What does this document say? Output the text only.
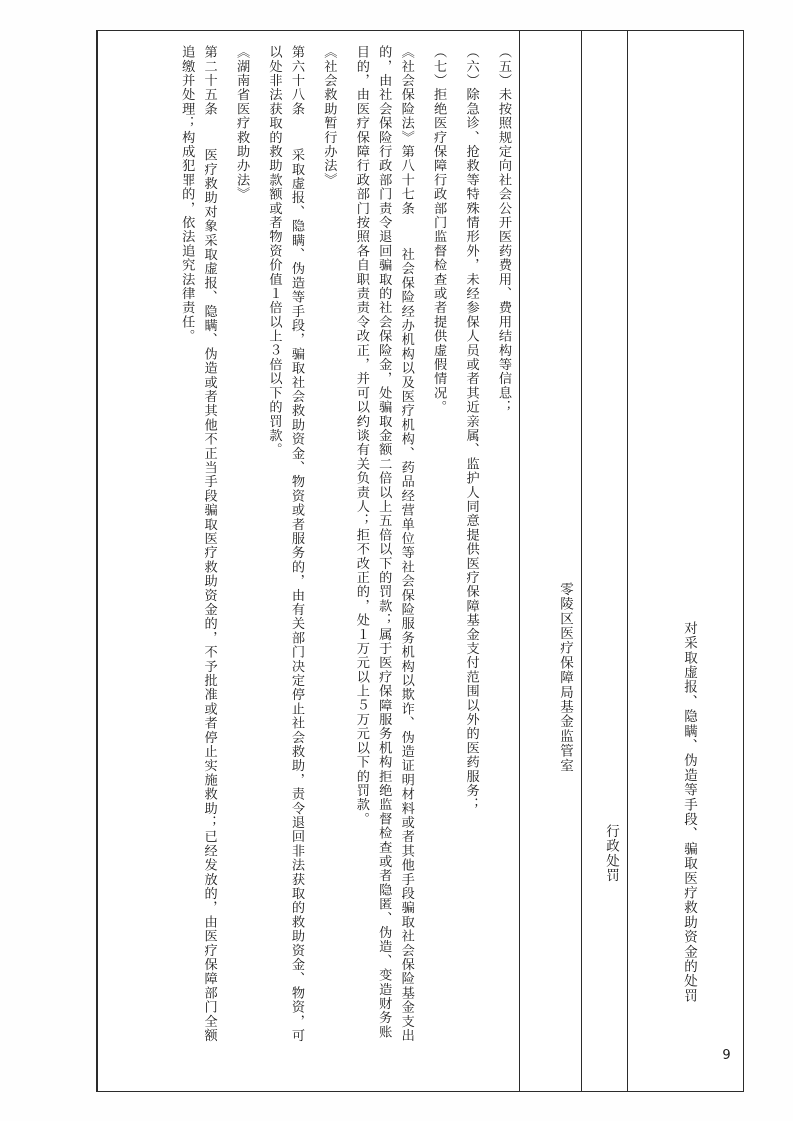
9
对采取虚报、隐瞒、伪造等手段、骗取医疗救助资金的处罚
行政处罚
零陵区医疗保障局基金监管室
（五）未按照规定向社会公开医药费用、费用结构等信息；
（六）除急诊、抢救等特殊情形外，未经参保人员或者其近亲属、监护人同意提供医疗保障基金支付范围以外的医药服务；
（七）拒绝医疗保障行政部门监督检查或者提供虚假情况。
《社会保险法》第八十七条  社会保险经办机构以及医疗机构、药品经营单位等社会保险服务机构以欺诈、伪造证明材料或者其他手段骗取社会保险基金支出的，由社会保险行政部门责令退回骗取的社会保险金，处骗取金额二倍以上五倍以下的罚款；属于医疗保障服务机构拒绝监督检查或者隐匿、伪造、变造财务账目的，由医疗保障行政部门按照各自职责责令改正，并可以约谈有关负责人；拒不改正的，处１万元以上５万元以下的罚款。
《社会救助暂行办法》
第六十八条  采取虚报、隐瞒、伪造等手段，骗取社会救助资金、物资或者服务的，由有关部门决定停止社会救助，责令退回非法获取的救助资金、物资，可以处非法获取的救助款额或者物资价值１倍以上３倍以下的罚款。
《湖南省医疗救助办法》
第二十五条  医疗救助对象采取虚报、隐瞒、伪造或者其他不正当手段骗取医疗救助资金的，不予批准或者停止实施救助；已经发放的，由医疗保障部门全额追缴并处理；构成犯罪的，依法追究法律责任。
